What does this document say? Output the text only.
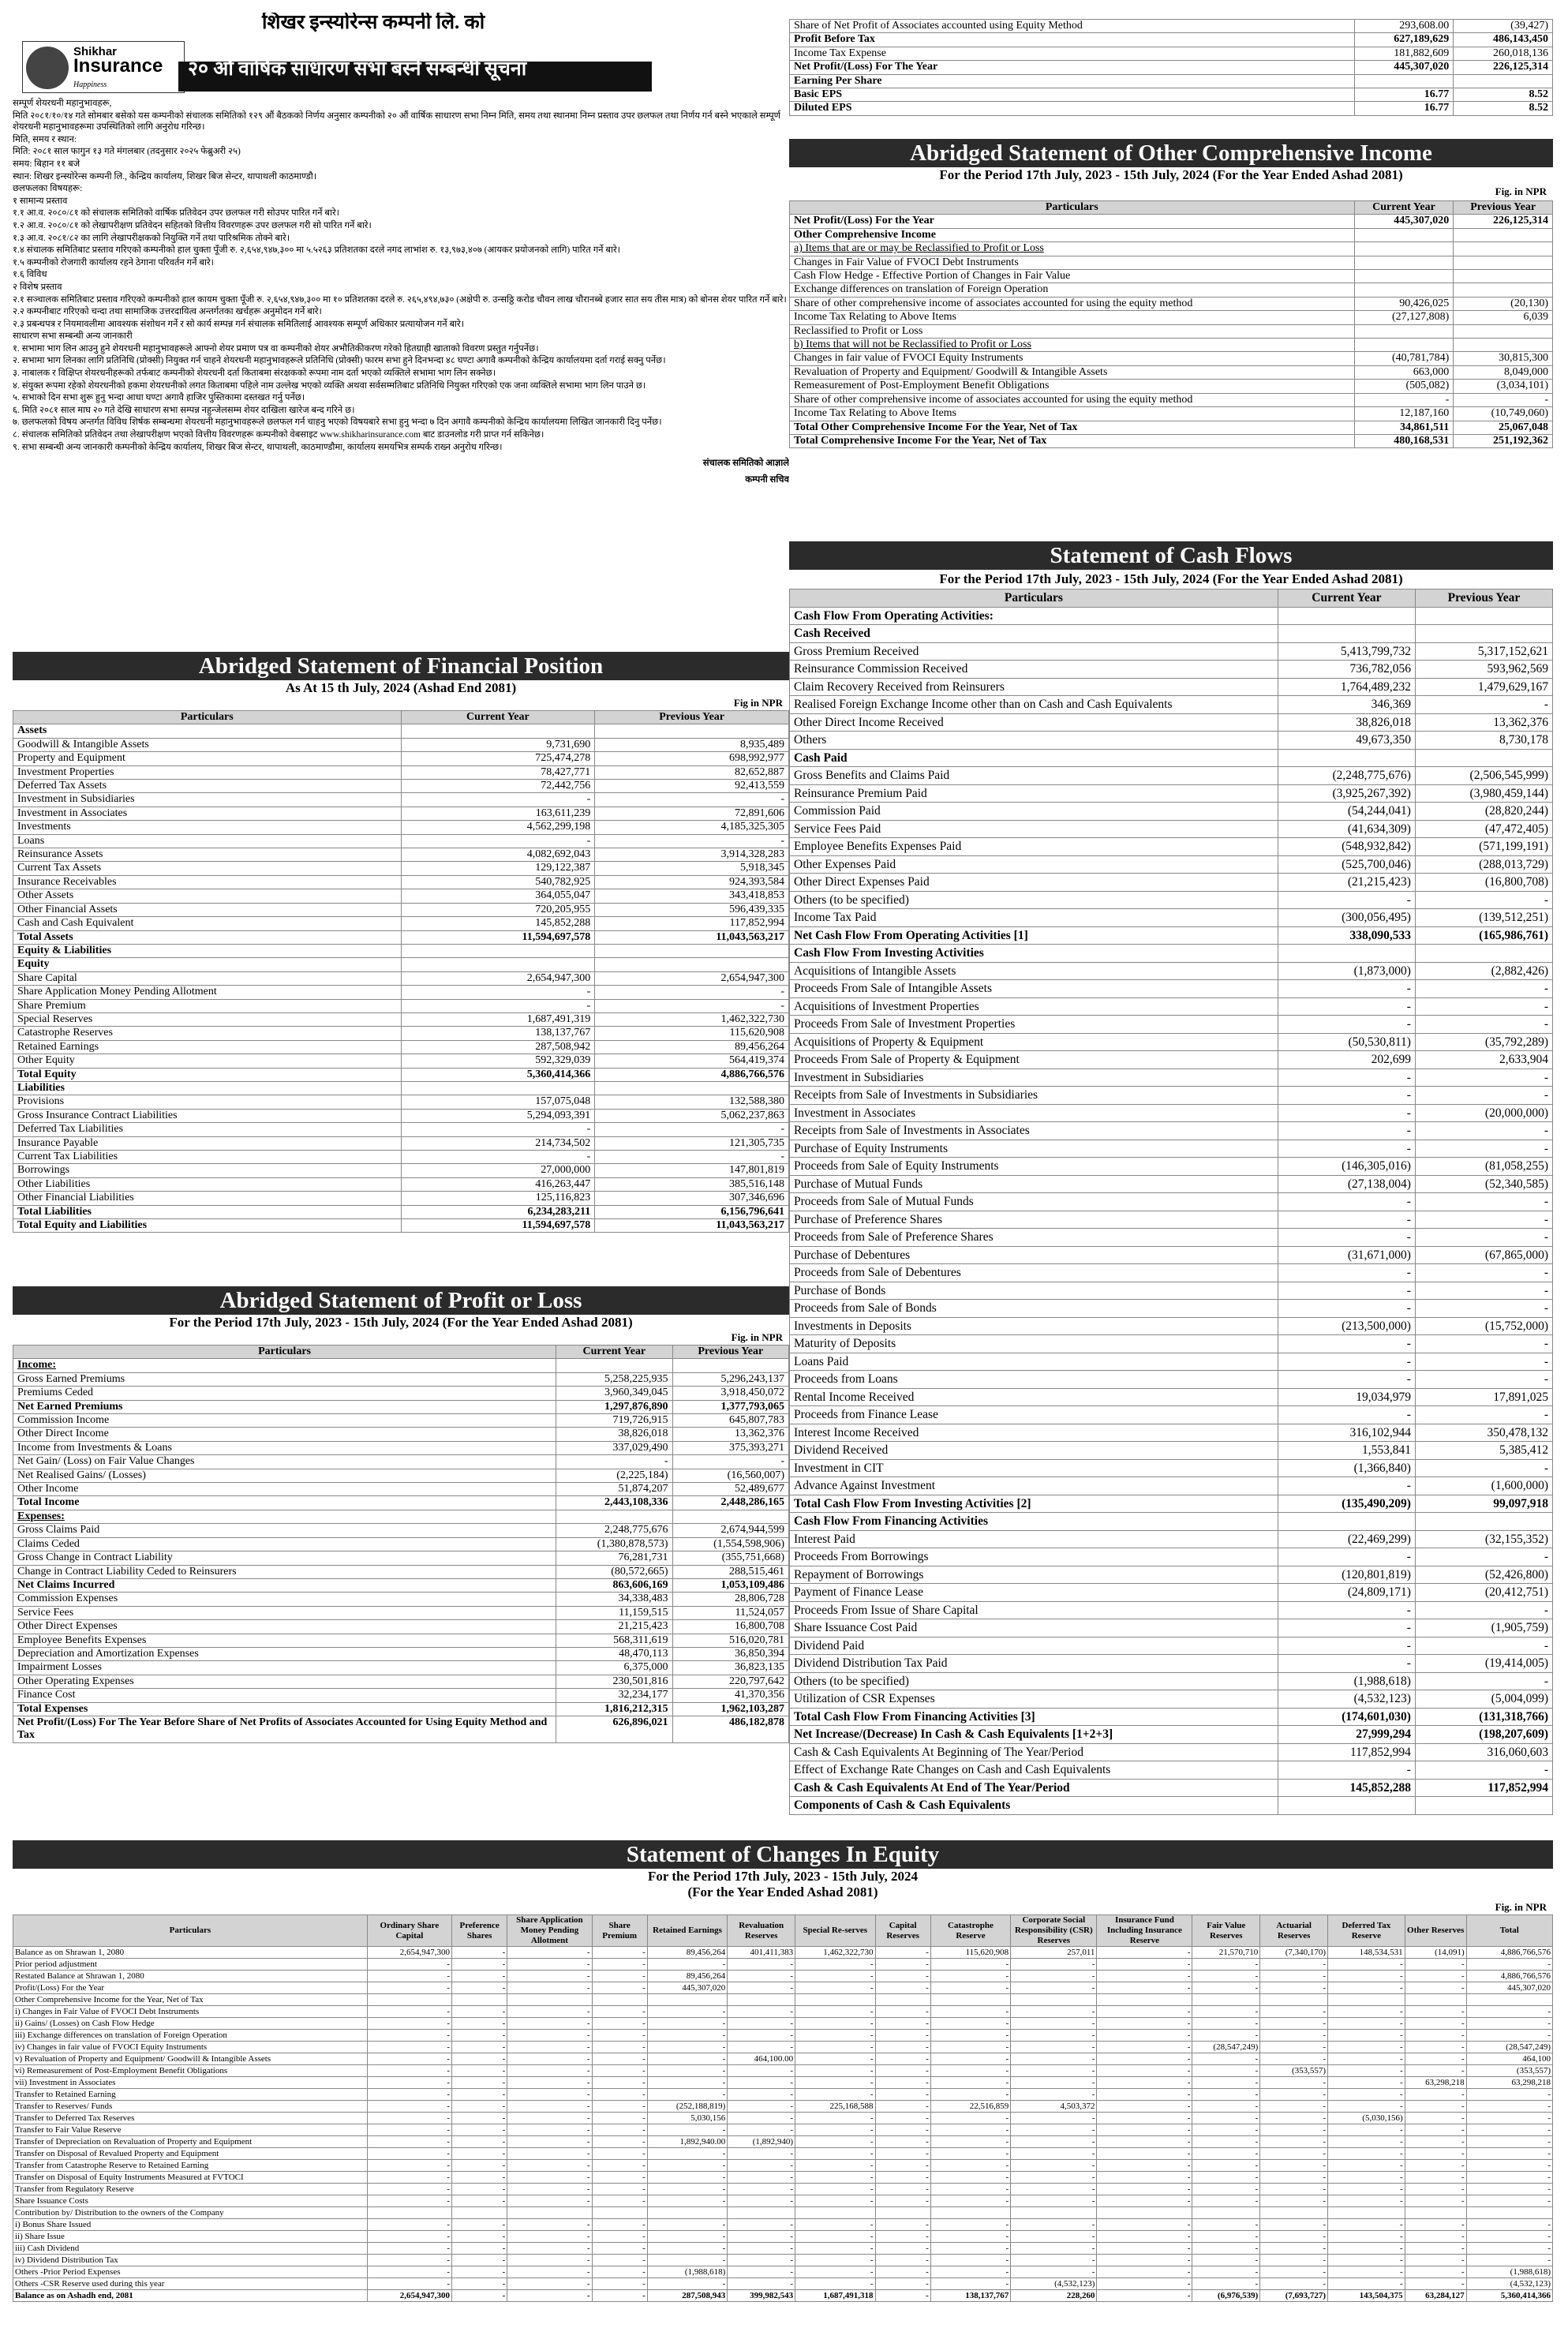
शिखर इन्स्योरेन्स कम्पनी लि. को
Shikhar
Insurance
Happiness
२० औं वार्षिक साधारण सभा बस्ने सम्बन्धी सूचना

सम्पूर्ण शेयरधनी महानुभावहरू,

मिति २०८१/१०/१४ गते सोमबार बसेको यस कम्पनीको संचालक समितिको १२९ औं बैठकको निर्णय अनुसार कम्पनीको २० औं वार्षिक साधारण सभा निम्न मिति, समय तथा स्थानमा निम्न प्रस्ताव उपर छलफल तथा निर्णय गर्न बस्ने भएकाले सम्पूर्ण शेयरधनी महानुभावहरूमा उपस्थितिको लागि अनुरोध गरिन्छ।

मिति, समय र स्थान:

मिति: २०८१ साल फागुन १३ गते मंगलबार (तदनुसार २०२५ फेब्रुअरी २५)

समय: बिहान ११ बजे

स्थान: शिखर इन्स्योरेन्स कम्पनी लि., केन्द्रिय कार्यालय, शिखर बिज सेन्टर, थापाथली काठमाण्डौ।

छलफलका विषयहरू:

१ सामान्य प्रस्ताव

१.१ आ.व. २०८०/८१ को संचालक समितिको वार्षिक प्रतिवेदन उपर छलफल गरी सोउपर पारित गर्ने बारे।

१.२ आ.व. २०८०/८१ को लेखापरीक्षण प्रतिवेदन सहितको वित्तीय विवरणहरू उपर छलफल गरी सो पारित गर्ने बारे।

१.३ आ.व. २०८१/८२ का लागि लेखापरीक्षकको नियुक्ति गर्ने तथा पारिश्रमिक तोक्ने बारे।

१.४ संचालक समितिबाट प्रस्ताव गरिएको कम्पनीको हाल चुक्ता पूँजी रु. २,६५४,९४७,३०० मा ५.५२६३ प्रतिशतका दरले नगद लाभांश रु. १३,९७३,४०७ (आयकर प्रयोजनको लागि) पारित गर्ने बारे।

१.५ कम्पनीको रोजगारी कार्यालय रहने ठेगाना परिवर्तन गर्ने बारे।

१.६ विविध

२ विशेष प्रस्ताव

२.१ सञ्चालक समितिबाट प्रस्ताव गरिएको कम्पनीको हाल कायम चुक्ता पूँजी रु. २,६५४,९४७,३०० मा १० प्रतिशतका दरले रु. २६५,४९४,७३० (अक्षेपी रु. उन्सठ्ठि करोड चौवन लाख चौरानब्बे हजार सात सय तीस मात्र) को बोनस शेयर पारित गर्ने बारे।

२.२ कम्पनीबाट गरिएको चन्दा तथा सामाजिक उत्तरदायित्व अन्तर्गतका खर्चहरू अनुमोदन गर्ने बारे।

२.३ प्रबन्धपत्र र नियमावलीमा आवश्यक संशोधन गर्ने र सो कार्य सम्पन्न गर्न संचालक समितिलाई आवश्यक सम्पूर्ण अधिकार प्रत्यायोजन गर्ने बारे।

साधारण सभा सम्बन्धी अन्य जानकारी

१. सभामा भाग लिन आउनु हुने शेयरधनी महानुभावहरूले आफ्नो शेयर प्रमाण पत्र वा कम्पनीको शेयर अभौतिकीकरण गरेको हितग्राही खाताको विवरण प्रस्तुत गर्नुपर्नेछ।

२. सभामा भाग लिनका लागि प्रतिनिधि (प्रोक्सी) नियुक्त गर्न चाहने शेयरधनी महानुभावहरूले प्रतिनिधि (प्रोक्सी) फारम सभा हुने दिनभन्दा ४८ घण्टा अगावै कम्पनीको केन्द्रिय कार्यालयमा दर्ता गराई सक्नु पर्नेछ।

३. नाबालक र विक्षिप्त शेयरधनीहरूको तर्फबाट कम्पनीको शेयरधनी दर्ता किताबमा संरक्षकको रूपमा नाम दर्ता भएको व्यक्तिले सभामा भाग लिन सक्नेछ।

४. संयुक्त रूपमा रहेको शेयरधनीको हकमा शेयरधनीको लगत किताबमा पहिले नाम उल्लेख भएको व्यक्ति अथवा सर्वसम्मतिबाट प्रतिनिधि नियुक्त गरिएको एक जना व्यक्तिले सभामा भाग लिन पाउने छ।

५. सभाको दिन सभा शुरू हुनु भन्दा आधा घण्टा अगावै हाजिर पुस्तिकामा दस्तखत गर्नु पर्नेछ।

६. मिति २०८१ साल माघ २० गते देखि साधारण सभा सम्पन्न नहुन्जेलसम्म शेयर दाखिला खारेज बन्द गरिने छ।

७. छलफलको विषय अन्तर्गत विविध शिर्षक सम्बन्धमा शेयरधनी महानुभावहरूले छलफल गर्न चाहनु भएको विषयबारे सभा हुनु भन्दा ७ दिन अगावै कम्पनीको केन्द्रिय कार्यालयमा लिखित जानकारी दिनु पर्नेछ।

८. संचालक समितिको प्रतिवेदन तथा लेखापरीक्षण भएको वित्तीय विवरणहरू कम्पनीको वेबसाइट www.shikharinsurance.com बाट डाउनलोड गरी प्राप्त गर्न सकिनेछ।

९. सभा सम्बन्धी अन्य जानकारी कम्पनीको केन्द्रिय कार्यालय, शिखर बिज सेन्टर, थापाथली, काठमाण्डौमा, कार्यालय समयभित्र सम्पर्क राख्न अनुरोध गरिन्छ।

संचालक समितिको आज्ञाले
कम्पनी सचिव
Abridged Statement of Financial Position
As At 15 th July, 2024 (Ashad End 2081)
Fig in NPR
Particulars	Current Year	Previous Year
Assets		
Goodwill & Intangible Assets	9,731,690	8,935,489
Property and Equipment	725,474,278	698,992,977
Investment Properties	78,427,771	82,652,887
Deferred Tax Assets	72,442,756	92,413,559
Investment in Subsidiaries	-	-
Investment in Associates	163,611,239	72,891,606
Investments	4,562,299,198	4,185,325,305
Loans	-	-
Reinsurance Assets	4,082,692,043	3,914,328,283
Current Tax Assets	129,122,387	5,918,345
Insurance Receivables	540,782,925	924,393,584
Other Assets	364,055,047	343,418,853
Other Financial Assets	720,205,955	596,439,335
Cash and Cash Equivalent	145,852,288	117,852,994
Total Assets	11,594,697,578	11,043,563,217
Equity & Liabilities		
Equity		
Share Capital	2,654,947,300	2,654,947,300
Share Application Money Pending Allotment	-	-
Share Premium	-	-
Special Reserves	1,687,491,319	1,462,322,730
Catastrophe Reserves	138,137,767	115,620,908
Retained Earnings	287,508,942	89,456,264
Other Equity	592,329,039	564,419,374
Total Equity	5,360,414,366	4,886,766,576
Liabilities		
Provisions	157,075,048	132,588,380
Gross Insurance Contract Liabilities	5,294,093,391	5,062,237,863
Deferred Tax Liabilities	-	-
Insurance Payable	214,734,502	121,305,735
Current Tax Liabilities	-	-
Borrowings	27,000,000	147,801,819
Other Liabilities	416,263,447	385,516,148
Other Financial Liabilities	125,116,823	307,346,696
Total Liabilities	6,234,283,211	6,156,796,641
Total Equity and Liabilities	11,594,697,578	11,043,563,217
Abridged Statement of Profit or Loss
For the Period 17th July, 2023 - 15th July, 2024 (For the Year Ended Ashad 2081)
Fig. in NPR
Particulars	Current Year	Previous Year
Income:		
Gross Earned Premiums	5,258,225,935	5,296,243,137
Premiums Ceded	3,960,349,045	3,918,450,072
Net Earned Premiums	1,297,876,890	1,377,793,065
Commission Income	719,726,915	645,807,783
Other Direct Income	38,826,018	13,362,376
Income from Investments & Loans	337,029,490	375,393,271
Net Gain/ (Loss) on Fair Value Changes	-	-
Net Realised Gains/ (Losses)	(2,225,184)	(16,560,007)
Other Income	51,874,207	52,489,677
Total Income	2,443,108,336	2,448,286,165
Expenses:		
Gross Claims Paid	2,248,775,676	2,674,944,599
Claims Ceded	(1,380,878,573)	(1,554,598,906)
Gross Change in Contract Liability	76,281,731	(355,751,668)
Change in Contract Liability Ceded to Reinsurers	(80,572,665)	288,515,461
Net Claims Incurred	863,606,169	1,053,109,486
Commission Expenses	34,338,483	28,806,728
Service Fees	11,159,515	11,524,057
Other Direct Expenses	21,215,423	16,800,708
Employee Benefits Expenses	568,311,619	516,020,781
Depreciation and Amortization Expenses	48,470,113	36,850,394
Impairment Losses	6,375,000	36,823,135
Other Operating Expenses	230,501,816	220,797,642
Finance Cost	32,234,177	41,370,356
Total Expenses	1,816,212,315	1,962,103,287
Net Profit/(Loss) For The Year Before Share of Net Profits of Associates Accounted for Using Equity Method and Tax	626,896,021	486,182,878
Share of Net Profit of Associates accounted using Equity Method	293,608.00	(39,427)
Profit Before Tax	627,189,629	486,143,450
Income Tax Expense	181,882,609	260,018,136
Net Profit/(Loss) For The Year	445,307,020	226,125,314
Earning Per Share		
Basic EPS	16.77	8.52
Diluted EPS	16.77	8.52
Abridged Statement of Other Comprehensive Income
For the Period 17th July, 2023 - 15th July, 2024 (For the Year Ended Ashad 2081)
Fig. in NPR
Particulars	Current Year	Previous Year
Net Profit/(Loss) For the Year	445,307,020	226,125,314
Other Comprehensive Income		
a) Items that are or may be Reclassified to Profit or Loss		
Changes in Fair Value of FVOCI Debt Instruments		
Cash Flow Hedge - Effective Portion of Changes in Fair Value		
Exchange differences on translation of Foreign Operation		
Share of other comprehensive income of associates accounted for using the equity method	90,426,025	(20,130)
Income Tax Relating to Above Items	(27,127,808)	6,039
Reclassified to Profit or Loss		
b) Items that will not be Reclassified to Profit or Loss		
Changes in fair value of FVOCI Equity Instruments	(40,781,784)	30,815,300
Revaluation of Property and Equipment/ Goodwill & Intangible Assets	663,000	8,049,000
Remeasurement of Post-Employment Benefit Obligations	(505,082)	(3,034,101)
Share of other comprehensive income of associates accounted for using the equity method	-	-
Income Tax Relating to Above Items	12,187,160	(10,749,060)
Total Other Comprehensive Income For the Year, Net of Tax	34,861,511	25,067,048
Total Comprehensive Income For the Year, Net of Tax	480,168,531	251,192,362
Statement of Cash Flows
For the Period 17th July, 2023 - 15th July, 2024 (For the Year Ended Ashad 2081)
Particulars	Current Year	Previous Year
Cash Flow From Operating Activities:		
Cash Received		
Gross Premium Received	5,413,799,732	5,317,152,621
Reinsurance Commission Received	736,782,056	593,962,569
Claim Recovery Received from Reinsurers	1,764,489,232	1,479,629,167
Realised Foreign Exchange Income other than on Cash and Cash Equivalents	346,369	-
Other Direct Income Received	38,826,018	13,362,376
Others	49,673,350	8,730,178
Cash Paid		
Gross Benefits and Claims Paid	(2,248,775,676)	(2,506,545,999)
Reinsurance Premium Paid	(3,925,267,392)	(3,980,459,144)
Commission Paid	(54,244,041)	(28,820,244)
Service Fees Paid	(41,634,309)	(47,472,405)
Employee Benefits Expenses Paid	(548,932,842)	(571,199,191)
Other Expenses Paid	(525,700,046)	(288,013,729)
Other Direct Expenses Paid	(21,215,423)	(16,800,708)
Others (to be specified)	-	-
Income Tax Paid	(300,056,495)	(139,512,251)
Net Cash Flow From Operating Activities [1]	338,090,533	(165,986,761)
Cash Flow From Investing Activities		
Acquisitions of Intangible Assets	(1,873,000)	(2,882,426)
Proceeds From Sale of Intangible Assets	-	-
Acquisitions of Investment Properties	-	-
Proceeds From Sale of Investment Properties	-	-
Acquisitions of Property & Equipment	(50,530,811)	(35,792,289)
Proceeds From Sale of Property & Equipment	202,699	2,633,904
Investment in Subsidiaries	-	-
Receipts from Sale of Investments in Subsidiaries	-	-
Investment in Associates	-	(20,000,000)
Receipts from Sale of Investments in Associates	-	-
Purchase of Equity Instruments	-	-
Proceeds from Sale of Equity Instruments	(146,305,016)	(81,058,255)
Purchase of Mutual Funds	(27,138,004)	(52,340,585)
Proceeds from Sale of Mutual Funds	-	-
Purchase of Preference Shares	-	-
Proceeds from Sale of Preference Shares	-	-
Purchase of Debentures	(31,671,000)	(67,865,000)
Proceeds from Sale of Debentures	-	-
Purchase of Bonds	-	-
Proceeds from Sale of Bonds	-	-
Investments in Deposits	(213,500,000)	(15,752,000)
Maturity of Deposits	-	-
Loans Paid	-	-
Proceeds from Loans	-	-
Rental Income Received	19,034,979	17,891,025
Proceeds from Finance Lease	-	-
Interest Income Received	316,102,944	350,478,132
Dividend Received	1,553,841	5,385,412
Investment in CIT	(1,366,840)	-
Advance Against Investment	-	(1,600,000)
Total Cash Flow From Investing Activities [2]	(135,490,209)	99,097,918
Cash Flow From Financing Activities		
Interest Paid	(22,469,299)	(32,155,352)
Proceeds From Borrowings	-	-
Repayment of Borrowings	(120,801,819)	(52,426,800)
Payment of Finance Lease	(24,809,171)	(20,412,751)
Proceeds From Issue of Share Capital	-	-
Share Issuance Cost Paid	-	(1,905,759)
Dividend Paid	-	-
Dividend Distribution Tax Paid	-	(19,414,005)
Others (to be specified)	(1,988,618)	-
Utilization of CSR Expenses	(4,532,123)	(5,004,099)
Total Cash Flow From Financing Activities [3]	(174,601,030)	(131,318,766)
Net Increase/(Decrease) In Cash & Cash Equivalents [1+2+3]	27,999,294	(198,207,609)
Cash & Cash Equivalents At Beginning of The Year/Period	117,852,994	316,060,603
Effect of Exchange Rate Changes on Cash and Cash Equivalents	-	-
Cash & Cash Equivalents At End of The Year/Period	145,852,288	117,852,994
Components of Cash & Cash Equivalents		
Statement of Changes In Equity
For the Period 17th July, 2023 - 15th July, 2024
(For the Year Ended Ashad 2081)
Fig. in NPR
Particulars	Ordinary Share Capital	Preference Shares	Share Application Money Pending Allotment	Share Premium	Retained Earnings	Revaluation Reserves	Special Re-serves	Capital Reserves	Catastrophe Reserve	Corporate Social Responsibility (CSR) Reserves	Insurance Fund Including Insurance Reserve	Fair Value Reserves	Actuarial Reserves	Deferred Tax Reserve	Other Reserves	Total
Balance as on Shrawan 1, 2080	2,654,947,300	-	-	-	89,456,264	401,411,383	1,462,322,730	-	115,620,908	257,011	-	21,570,710	(7,340,170)	148,534,531	(14,091)	4,886,766,576
Prior period adjustment	-	-	-	-	-	-	-	-	-	-	-	-	-	-	-	-
Restated Balance at Shrawan 1, 2080	-	-	-	-	89,456,264	-	-	-	-	-	-	-	-	-	-	4,886,766,576
Profit/(Loss) For the Year	-	-	-	-	445,307,020	-	-	-	-	-	-	-	-	-	-	445,307,020
Other Comprehensive Income for the Year, Net of Tax																
i) Changes in Fair Value of FVOCI Debt Instruments	-	-	-	-	-	-	-	-	-	-	-	-	-	-	-	-
ii) Gains/ (Losses) on Cash Flow Hedge	-	-	-	-	-	-	-	-	-	-	-	-	-	-	-	-
iii) Exchange differences on translation of Foreign Operation	-	-	-	-	-	-	-	-	-	-	-	-	-	-	-	-
iv) Changes in fair value of FVOCI Equity Instruments	-	-	-	-	-	-	-	-	-	-	-	(28,547,249)	-	-	-	(28,547,249)
v) Revaluation of Property and Equipment/ Goodwill & Intangible Assets	-	-	-	-	-	464,100.00	-	-	-	-	-	-	-	-	-	464,100
vi) Remeasurement of Post-Employment Benefit Obligations	-	-	-	-	-	-	-	-	-	-	-	-	(353,557)	-	-	(353,557)
vii) Investment in Associates	-	-	-	-	-	-	-	-	-	-	-	-	-	-	63,298,218	63,298,218
Transfer to Retained Earning	-	-	-	-	-	-	-	-	-	-	-	-	-	-	-	-
Transfer to Reserves/ Funds	-	-	-	-	(252,188,819)	-	225,168,588	-	22,516,859	4,503,372	-	-	-	-	-	-
Transfer to Deferred Tax Reserves	-	-	-	-	5,030,156	-	-	-	-	-	-	-	-	(5,030,156)	-	-
Transfer to Fair Value Reserve	-	-	-	-	-	-	-	-	-	-	-	-	-	-	-	-
Transfer of Depreciation on Revaluation of Property and Equipment	-	-	-	-	1,892,940.00	(1,892,940)	-	-	-	-	-	-	-	-	-	-
Transfer on Disposal of Revalued Property and Equipment	-	-	-	-	-	-	-	-	-	-	-	-	-	-	-	-
Transfer from Catastrophe Reserve to Retained Earning	-	-	-	-	-	-	-	-	-	-	-	-	-	-	-	-
Transfer on Disposal of Equity Instruments Measured at FVTOCI	-	-	-	-	-	-	-	-	-	-	-	-	-	-	-	-
Transfer from Regulatory Reserve	-	-	-	-	-	-	-	-	-	-	-	-	-	-	-	-
Share Issuance Costs	-	-	-	-	-	-	-	-	-	-	-	-	-	-	-	-
Contribution by/ Distribution to the owners of the Company																
i) Bonus Share Issued	-	-	-	-	-	-	-	-	-	-	-	-	-	-	-	-
ii) Share Issue	-	-	-	-	-	-	-	-	-	-	-	-	-	-	-	-
iii) Cash Dividend	-	-	-	-	-	-	-	-	-	-	-	-	-	-	-	-
iv) Dividend Distribution Tax	-	-	-	-	-	-	-	-	-	-	-	-	-	-	-	-
Others -Prior Period Expenses	-	-	-	-	(1,988,618)	-	-	-	-	-	-	-	-	-	-	(1,988,618)
Others -CSR Reserve used during this year	-	-	-	-	-	-	-	-	-	(4,532,123)	-	-	-	-	-	(4,532,123)
Balance as on Ashadh end, 2081	2,654,947,300	-	-	-	287,508,943	399,982,543	1,687,491,318	-	138,137,767	228,260	-	(6,976,539)	(7,693,727)	143,504,375	63,284,127	5,360,414,366
